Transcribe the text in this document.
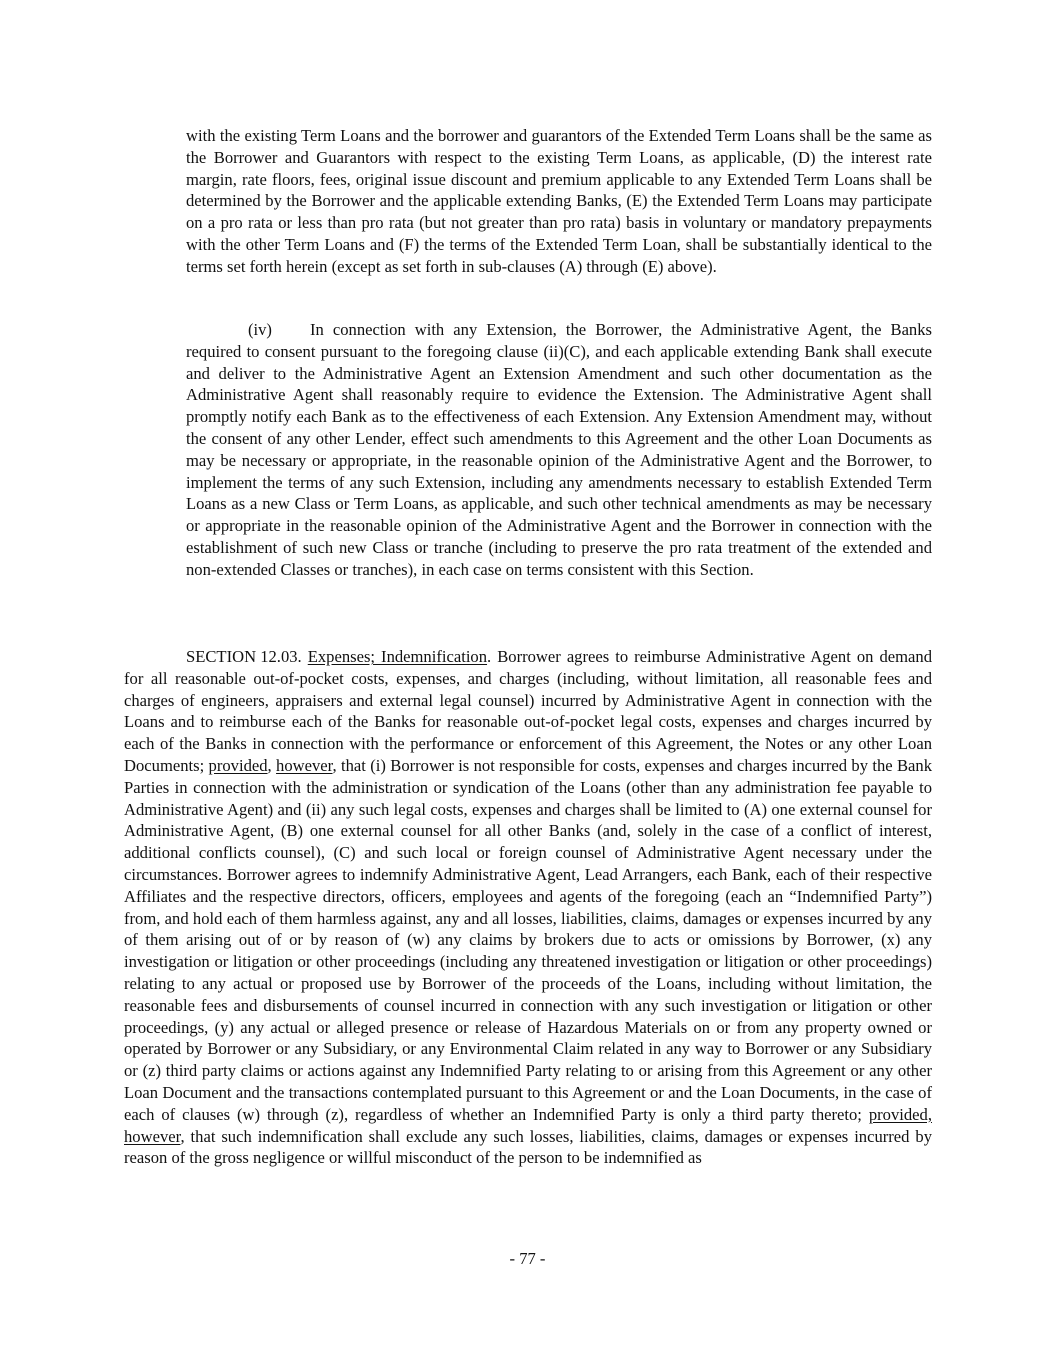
with the existing Term Loans and the borrower and guarantors of the Extended Term Loans shall be the same as the Borrower and Guarantors with respect to the existing Term Loans, as applicable, (D) the interest rate margin, rate floors, fees, original issue discount and premium applicable to any Extended Term Loans shall be determined by the Borrower and the applicable extending Banks, (E) the Extended Term Loans may participate on a pro rata or less than pro rata (but not greater than pro rata) basis in voluntary or mandatory prepayments with the other Term Loans and (F) the terms of the Extended Term Loan, shall be substantially identical to the terms set forth herein (except as set forth in sub-clauses (A) through (E) above).

(iv) In connection with any Extension, the Borrower, the Administrative Agent, the Banks required to consent pursuant to the foregoing clause (ii)(C), and each applicable extending Bank shall execute and deliver to the Administrative Agent an Extension Amendment and such other documentation as the Administrative Agent shall reasonably require to evidence the Extension. The Administrative Agent shall promptly notify each Bank as to the effectiveness of each Extension. Any Extension Amendment may, without the consent of any other Lender, effect such amendments to this Agreement and the other Loan Documents as may be necessary or appropriate, in the reasonable opinion of the Administrative Agent and the Borrower, to implement the terms of any such Extension, including any amendments necessary to establish Extended Term Loans as a new Class or Term Loans, as applicable, and such other technical amendments as may be necessary or appropriate in the reasonable opinion of the Administrative Agent and the Borrower in connection with the establishment of such new Class or tranche (including to preserve the pro rata treatment of the extended and non-extended Classes or tranches), in each case on terms consistent with this Section.

SECTION 12.03. Expenses; Indemnification. Borrower agrees to reimburse Administrative Agent on demand for all reasonable out-of-pocket costs, expenses, and charges (including, without limitation, all reasonable fees and charges of engineers, appraisers and external legal counsel) incurred by Administrative Agent in connection with the Loans and to reimburse each of the Banks for reasonable out-of-pocket legal costs, expenses and charges incurred by each of the Banks in connection with the performance or enforcement of this Agreement, the Notes or any other Loan Documents; provided, however, that (i) Borrower is not responsible for costs, expenses and charges incurred by the Bank Parties in connection with the administration or syndication of the Loans (other than any administration fee payable to Administrative Agent) and (ii) any such legal costs, expenses and charges shall be limited to (A) one external counsel for Administrative Agent, (B) one external counsel for all other Banks (and, solely in the case of a conflict of interest, additional conflicts counsel), (C) and such local or foreign counsel of Administrative Agent necessary under the circumstances. Borrower agrees to indemnify Administrative Agent, Lead Arrangers, each Bank, each of their respective Affiliates and the respective directors, officers, employees and agents of the foregoing (each an “Indemnified Party”) from, and hold each of them harmless against, any and all losses, liabilities, claims, damages or expenses incurred by any of them arising out of or by reason of (w) any claims by brokers due to acts or omissions by Borrower, (x) any investigation or litigation or other proceedings (including any threatened investigation or litigation or other proceedings) relating to any actual or proposed use by Borrower of the proceeds of the Loans, including without limitation, the reasonable fees and disbursements of counsel incurred in connection with any such investigation or litigation or other proceedings, (y) any actual or alleged presence or release of Hazardous Materials on or from any property owned or operated by Borrower or any Subsidiary, or any Environmental Claim related in any way to Borrower or any Subsidiary or (z) third party claims or actions against any Indemnified Party relating to or arising from this Agreement or any other Loan Document and the transactions contemplated pursuant to this Agreement or and the Loan Documents, in the case of each of clauses (w) through (z), regardless of whether an Indemnified Party is only a third party thereto; provided, however, that such indemnification shall exclude any such losses, liabilities, claims, damages or expenses incurred by reason of the gross negligence or willful misconduct of the person to be indemnified as

- 77 -
